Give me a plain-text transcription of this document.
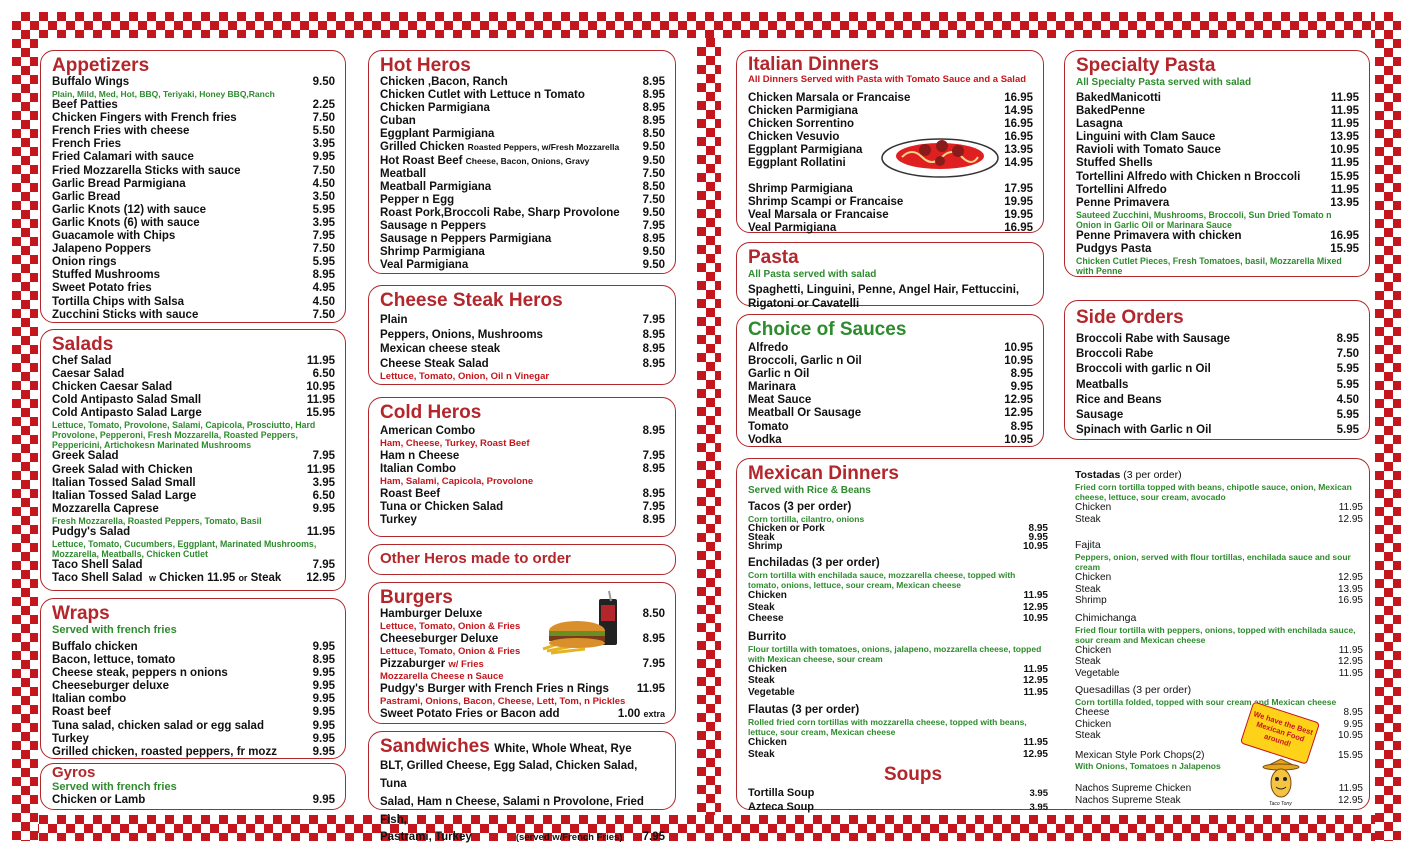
Appetizers
Buffalo Wings	9.50
Plain, Mild, Med, Hot, BBQ, Teriyaki, Honey BBQ,Ranch
Beef Patties	2.25
Chicken Fingers with French fries	7.50
French Fries with cheese	5.50
French Fries	3.95
Fried Calamari with sauce	9.95
Fried Mozzarella Sticks with sauce	7.50
Garlic Bread Parmigiana	4.50
Garlic Bread	3.50
Garlic Knots (12) with sauce	5.95
Garlic Knots (6) with sauce	3.95
Guacamole with Chips	7.95
Jalapeno Poppers	7.50
Onion rings	5.95
Stuffed Mushrooms	8.95
Sweet Potato fries	4.95
Tortilla Chips with Salsa	4.50
Zucchini Sticks with sauce	7.50
Salads
Chef Salad	11.95
Caesar Salad	6.50
Chicken Caesar Salad	10.95
Cold Antipasto Salad Small	11.95
Cold Antipasto Salad Large	15.95
Lettuce, Tomato, Provolone, Salami, Capicola, Prosciutto, Hard Provolone, Pepperoni, Fresh Mozzarella, Roasted Peppers, Peppericini, Artichokesn Marinated Mushrooms
Greek Salad	7.95
Greek Salad with Chicken	11.95
Italian Tossed Salad Small	3.95
Italian Tossed Salad Large	6.50
Mozzarella Caprese	9.95
Fresh Mozzarella, Roasted Peppers, Tomato, Basil
Pudgy's Salad	11.95
Lettuce, Tomato, Cucumbers, Eggplant, Marinated Mushrooms, Mozzarella, Meatballs, Chicken Cutlet
Taco Shell Salad	7.95
Taco Shell Salad w Chicken 11.95 or Steak 12.95
Wraps
Served with french fries
Buffalo chicken	9.95
Bacon, lettuce, tomato	8.95
Cheese steak, peppers n onions	9.95
Cheeseburger deluxe	9.95
Italian combo	9.95
Roast beef	9.95
Tuna salad, chicken salad or egg salad	9.95
Turkey	9.95
Grilled chicken, roasted peppers, fr mozz	9.95
Gyros
Served with french fries
Chicken or Lamb	9.95
Hot Heros
Chicken ,Bacon, Ranch	8.95
Chicken Cutlet with Lettuce n Tomato	8.95
Chicken Parmigiana	8.95
Cuban	8.95
Eggplant Parmigiana	8.50
Grilled Chicken Roasted Peppers, w/Fresh Mozzarella 9.50
Hot Roast Beef Cheese, Bacon, Onions, Gravy	9.50
Meatball	7.50
Meatball Parmigiana	8.50
Pepper n Egg	7.50
Roast Pork,Broccoli Rabe, Sharp Provolone 9.50
Sausage n Peppers	7.95
Sausage n Peppers Parmigiana	8.95
Shrimp Parmigiana	9.50
Veal Parmigiana	9.50
Cheese Steak Heros
Plain	7.95
Peppers, Onions, Mushrooms	8.95
Mexican cheese steak	8.95
Cheese Steak Salad	8.95
Lettuce, Tomato, Onion, Oil n Vinegar
Cold Heros
American Combo	8.95
Ham, Cheese, Turkey, Roast Beef
Ham n Cheese	7.95
Italian Combo	8.95
Ham, Salami, Capicola, Provolone
Roast Beef	8.95
Tuna or Chicken Salad	7.95
Turkey	8.95
Other Heros made to order
Burgers
Hamburger Deluxe	8.50
Lettuce, Tomato, Onion & Fries
Cheeseburger Deluxe	8.95
Lettuce, Tomato, Onion & Fries
Pizzaburger w/ Fries	7.95
Mozzarella Cheese n Sauce
Pudgy's Burger with French Fries n Rings 11.95
Pastrami, Onions, Bacon, Cheese, Lett, Tom, n Pickles
Sweet Potato Fries or Bacon add	1.00 extra
Sandwiches White, Whole Wheat, Rye
BLT, Grilled Cheese, Egg Salad, Chicken Salad, Tuna
Salad, Ham n Cheese, Salami n Provolone, Fried Fish,
Pastrami, Turkey	(served w/French Fries) 7.95
Italian Dinners
All Dinners Served with Pasta with Tomato Sauce and a Salad
Chicken Marsala or Francaise	16.95
Chicken Parmigiana	14.95
Chicken Sorrentino	16.95
Chicken Vesuvio	16.95
Eggplant Parmigiana	13.95
Eggplant Rollatini	14.95
Shrimp Parmigiana	17.95
Shrimp Scampi or Francaise	19.95
Veal Marsala or Francaise	19.95
Veal Parmigiana	16.95
Pasta
All Pasta served with salad
Spaghetti, Linguini, Penne, Angel Hair, Fettuccini,
Rigatoni or Cavatelli
Choice of Sauces
Alfredo	10.95
Broccoli, Garlic n Oil	10.95
Garlic n Oil	8.95
Marinara	9.95
Meat Sauce	12.95
Meatball Or Sausage	12.95
Tomato	8.95
Vodka	10.95
Specialty Pasta
All Specialty Pasta served with salad
BakedManicotti	11.95
BakedPenne	11.95
Lasagna	11.95
Linguini with Clam Sauce	13.95
Ravioli with Tomato Sauce	10.95
Stuffed Shells	11.95
Tortellini Alfredo with Chicken n Broccoli	15.95
Tortellini Alfredo	11.95
Penne Primavera	13.95
Sauteed Zucchini, Mushrooms, Broccoli, Sun Dried Tomato n Onion in Garlic Oil or Marinara Sauce
Penne Primavera with chicken	16.95
Pudgys Pasta	15.95
Chicken Cutlet Pieces, Fresh Tomatoes, basil, Mozzarella Mixed with Penne
Side Orders
Broccoli Rabe with Sausage	8.95
Broccoli Rabe	7.50
Broccoli with garlic n Oil	5.95
Meatballs	5.95
Rice and Beans	4.50
Sausage	5.95
Spinach with Garlic n Oil	5.95
Mexican Dinners
Served with Rice & Beans
Tacos (3 per order)
Corn tortilla, cilantro, onions
Chicken or Pork	8.95
Steak	9.95
Shrimp	10.95
Enchiladas (3 per order)
Corn tortilla with enchilada sauce, mozzarella cheese, topped with tomato, onions, lettuce, sour cream, Mexican cheese
Chicken	11.95
Steak	12.95
Cheese	10.95
Burrito
Flour tortilla with tomatoes, onions, jalapeno, mozzarella cheese, topped with Mexican cheese, sour cream
Chicken	11.95
Steak	12.95
Vegetable	11.95
Flautas (3 per order)
Rolled fried corn tortillas with mozzarella cheese, topped with beans, lettuce, sour cream, Mexican cheese
Chicken	11.95
Steak	12.95
Soups
Tortilla Soup	3.95
Azteca Soup	3.95
Tostadas (3 per order)
Fried corn tortilla topped with beans, chipotle sauce, onion, Mexican cheese, lettuce, sour cream, avocado
Chicken	11.95
Steak	12.95
Fajita
Peppers, onion, served with flour tortillas, enchilada sauce and sour cream
Chicken	12.95
Steak	13.95
Shrimp	16.95
Chimichanga
Fried flour tortilla with peppers, onions, topped with enchilada sauce, sour cream and Mexican cheese
Chicken	11.95
Steak	12.95
Vegetable	11.95
Quesadillas (3 per order)
Corn tortilla folded, topped with sour cream and Mexican cheese
Cheese	8.95
Chicken	9.95
Steak	10.95
Mexican Style Pork Chops(2)	15.95
With Onions, Tomatoes n Jalapenos
Nachos Supreme Chicken	11.95
Nachos Supreme Steak	12.95
We have the Best Mexican Food around!
Taco Tony
